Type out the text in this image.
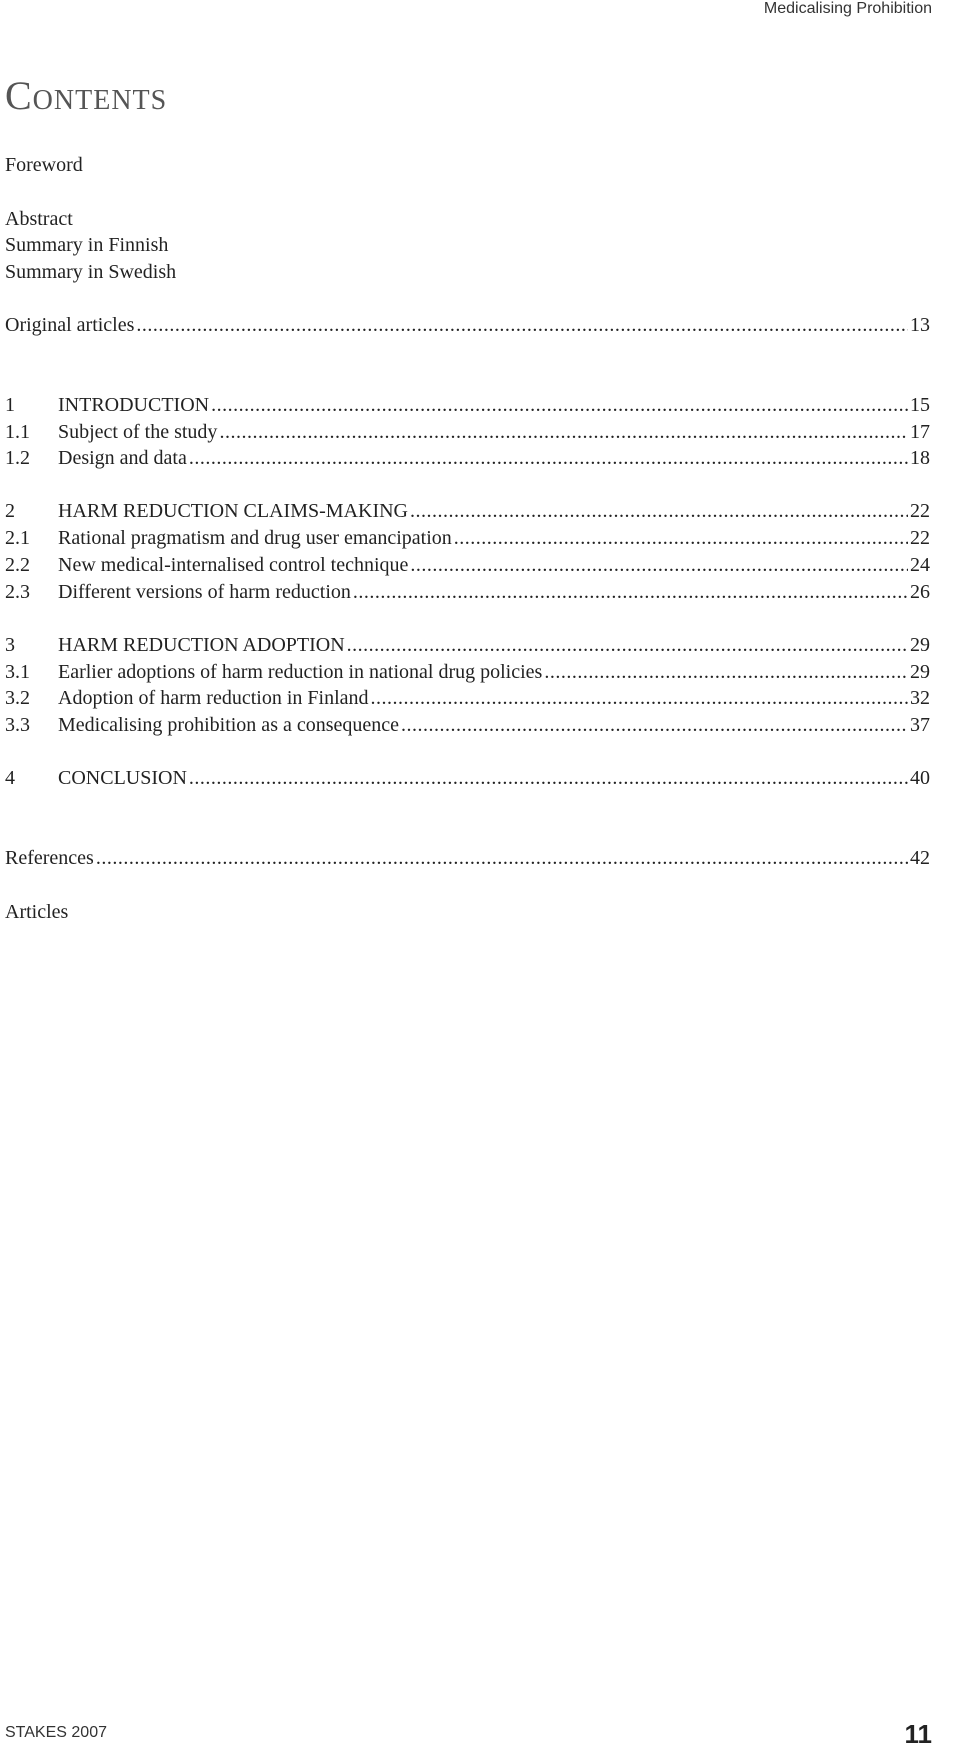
Medicalising Prohibition
Contents
Foreword
Abstract
Summary in Finnish
Summary in Swedish
Original articles .....	13
1	INTRODUCTION .....	15
1.1	Subject of the study .....	17
1.2	Design and data .....	18
2	HARM REDUCTION CLAIMS-MAKING .....	22
2.1	Rational pragmatism and drug user emancipation .....	22
2.2	New medical-internalised control technique .....	24
2.3	Different versions of harm reduction .....	26
3	HARM REDUCTION ADOPTION .....	29
3.1	Earlier adoptions of harm reduction in national drug policies .....	29
3.2	Adoption of harm reduction in Finland .....	32
3.3	Medicalising prohibition as a consequence .....	37
4	CONCLUSION .....	40
References .....	42
Articles
STAKES 2007	11
